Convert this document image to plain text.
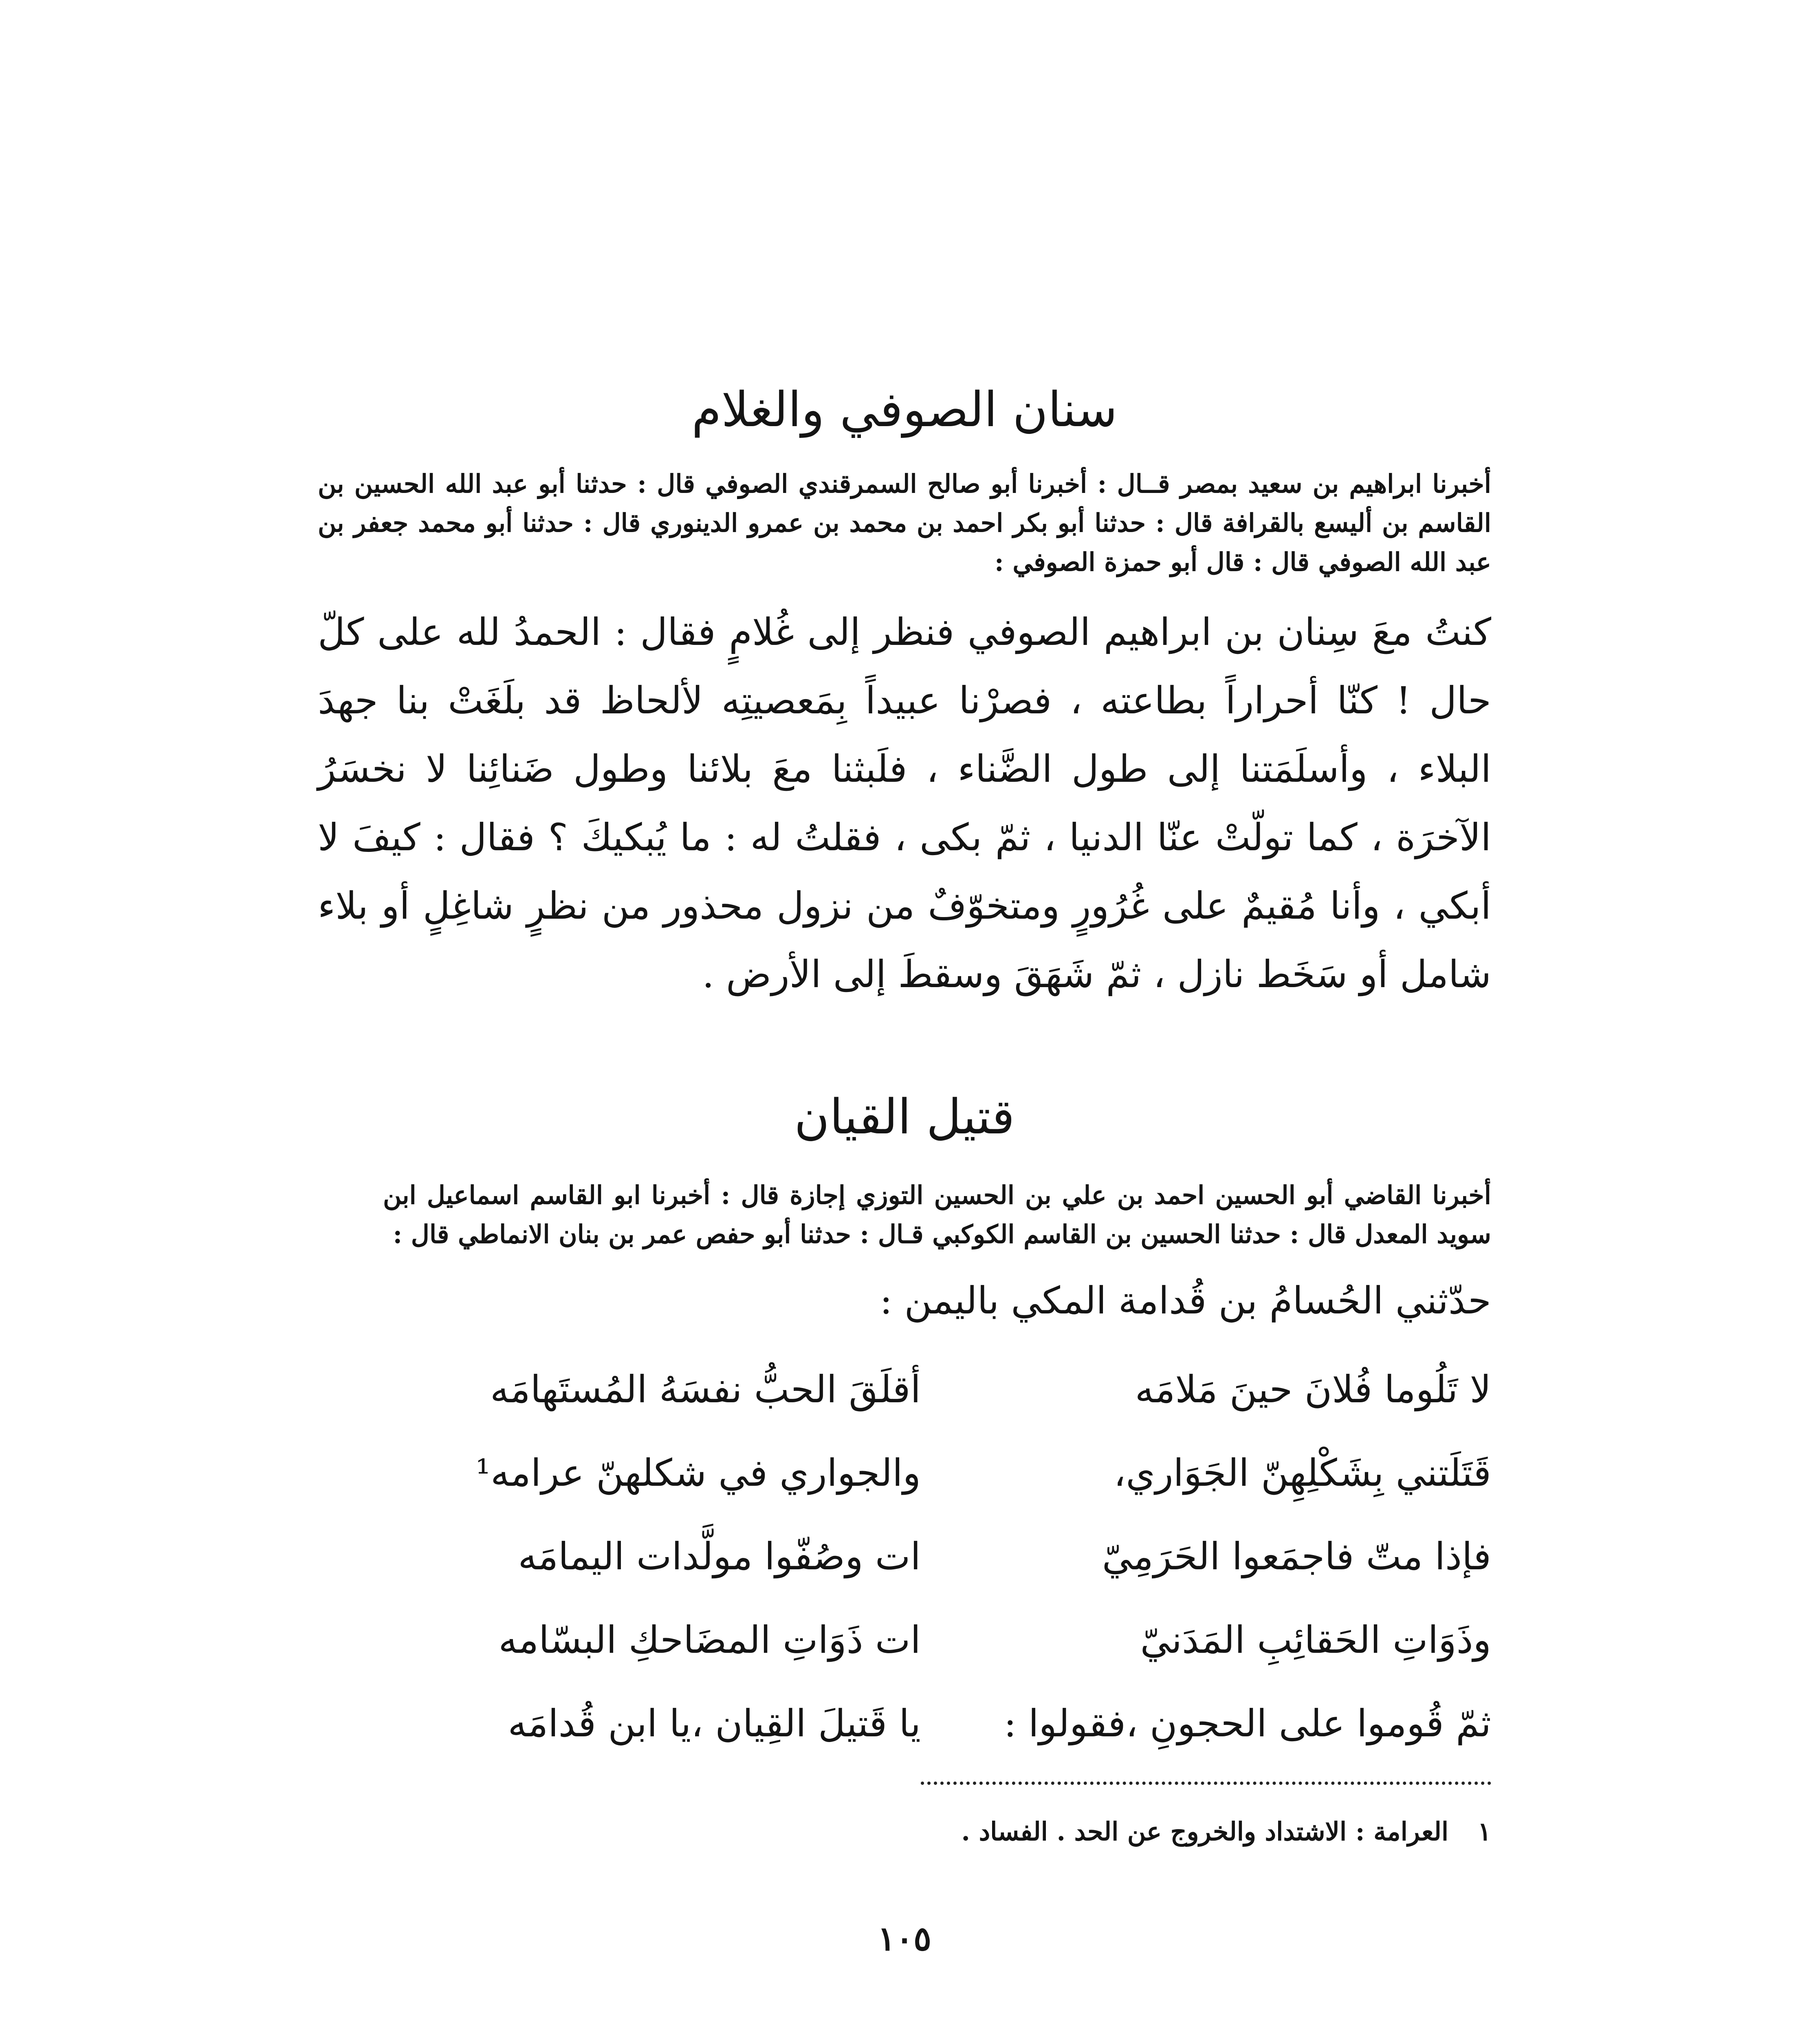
سنان الصوفي والغلام

أخبرنا ابراهيم بن سعيد بمصر قــال : أخبرنا أبو صالح السمرقندي الصوفي قال : حدثنا أبو عبد الله الحسين بن القاسم بن أليسع بالقرافة قال : حدثنا أبو بكر احمد بن محمد بن عمرو الدينوري قال : حدثنا أبو محمد جعفر بن عبد الله الصوفي قال : قال أبو حمزة الصوفي :

كنتُ معَ سِنان بن ابراهيم الصوفي فنظر إلى غُلامٍ فقال : الحمدُ لله على كلّ حال ! كنّا أحراراً بطاعته ، فصرْنا عبيداً بِمَعصيتِه لألحاظ قد بلَغَتْ بنا جهدَ البلاء ، وأسلَمَتنا إلى طول الضَّناء ، فلَبثنا معَ بلائنا وطول ضَنائِنا لا نخسَرُ الآخرَة ، كما تولّتْ عنّا الدنيا ، ثمّ بكى ، فقلتُ له : ما يُبكيكَ ؟ فقال : كيفَ لا أبكي ، وأنا مُقيمٌ على غُرُورٍ ومتخوّفٌ من نزول محذور من نظرٍ شاغِلٍ أو بلاء شامل أو سَخَط نازل ، ثمّ شَهَقَ وسقطَ إلى الأرض .

قتيل القيان

أخبرنا القاضي أبو الحسين احمد بن علي بن الحسين التوزي إجازة قال : أخبرنا ابو القاسم اسماعيل ابن سويد المعدل قال : حدثنا الحسين بن القاسم الكوكبي قـال : حدثنا أبو حفص عمر بن بنان الانماطي قال :

حدّثني الحُسامُ بن قُدامة المكي باليمن :

لا تَلُوما فُلانَ حينَ مَلامَه
أقلَقَ الحبُّ نفسَهُ المُستَهامَه
قَتَلَتني بِشَكْلِهِنّ الجَوَاري،
والجواري في شكلهنّ عرامه¹
فإذا متّ فاجمَعوا الحَرَمِيّ
ات وصُفّوا مولَّدات اليمامَه
وذَوَاتِ الحَقائِبِ المَدَنيّ
ات ذَوَاتِ المضَاحكِ البسّامه
ثمّ قُوموا على الحجونِ ،فقولوا :
يا قَتيلَ القِيان ،يا ابن قُدامَه

١ العرامة : الاشتداد والخروج عن الحد . الفساد .

١٠٥
